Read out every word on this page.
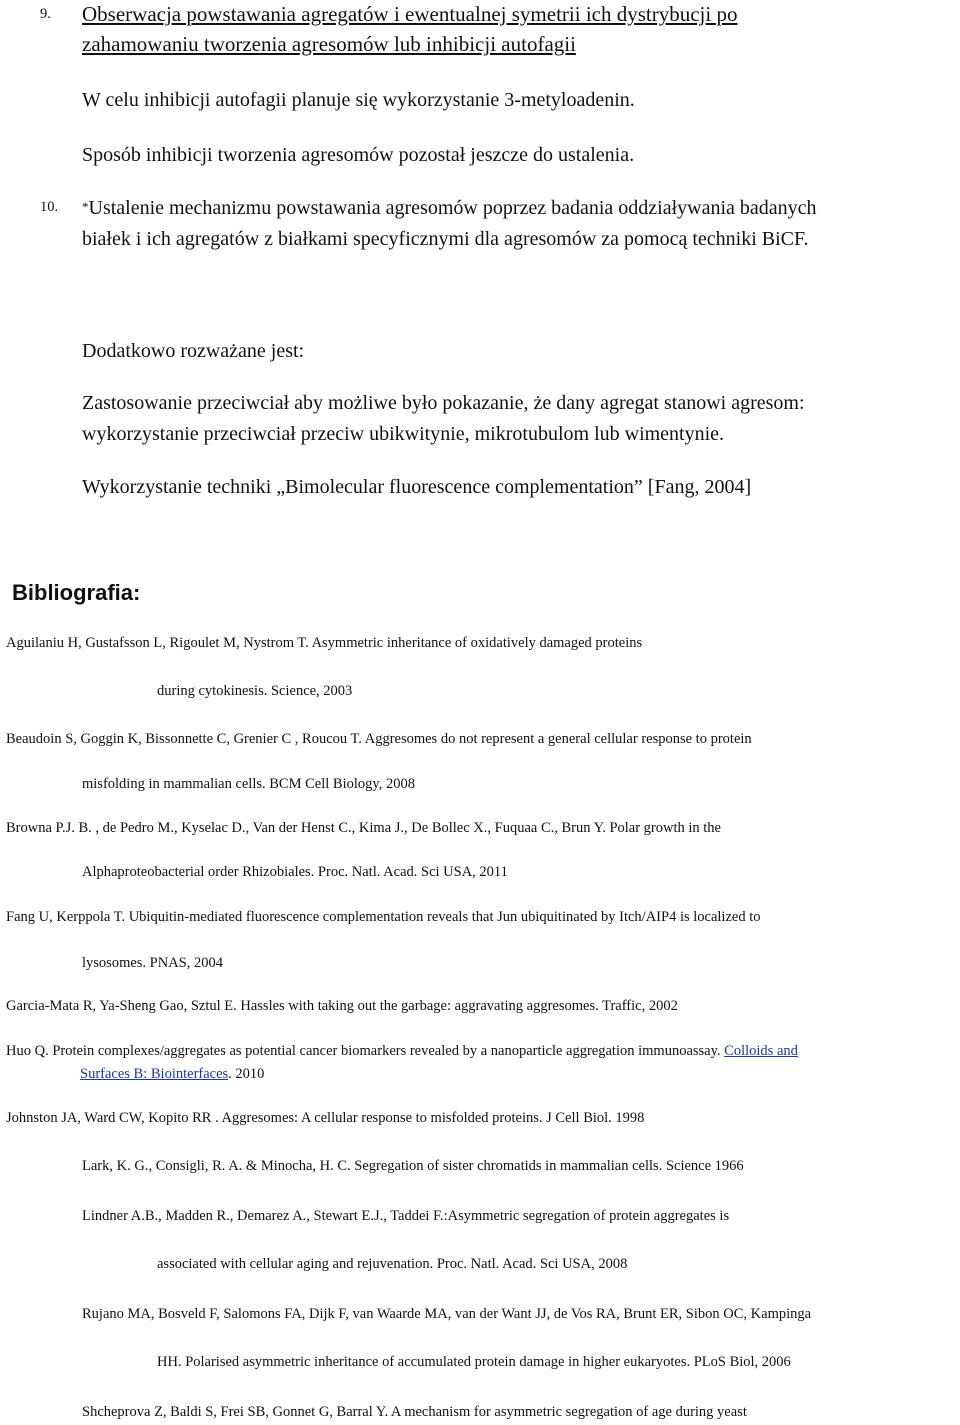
9. Obserwacja powstawania agregatów i ewentualnej symetrii ich dystrybucji po
zahamowaniu tworzenia agresomów lub inhibicji autofagii
W celu inhibicji autofagii planuje się wykorzystanie 3-metyloadenin.
Sposób inhibicji tworzenia agresomów pozostał jeszcze do ustalenia.
10. *Ustalenie mechanizmu powstawania agresomów poprzez badania oddziaływania badanych
białek i ich agregatów z białkami specyficznymi dla agresomów za pomocą techniki BiCF.
Dodatkowo rozważane jest:
Zastosowanie przeciwciał aby możliwe było pokazanie, że dany agregat stanowi agresom:
wykorzystanie przeciwciał przeciw ubikwitynie, mikrotubulom lub wimentynie.
Wykorzystanie techniki „Bimolecular fluorescence complementation” [Fang, 2004]
Bibliografia:
Aguilaniu H, Gustafsson L, Rigoulet M, Nystrom T. Asymmetric inheritance of oxidatively damaged proteins
during cytokinesis. Science, 2003
Beaudoin S, Goggin K, Bissonnette C, Grenier C , Roucou T. Aggresomes do not represent a general cellular response to protein
misfolding in mammalian cells. BCM Cell Biology, 2008
Browna P.J. B. , de Pedro M., Kyselac D., Van der Henst C., Kima J., De Bollec X., Fuquaa C., Brun Y. Polar growth in the
Alphaproteobacterial order Rhizobiales. Proc. Natl. Acad. Sci USA, 2011
Fang U, Kerppola T. Ubiquitin-mediated fluorescence complementation reveals that Jun ubiquitinated by Itch/AIP4 is localized to
lysosomes. PNAS, 2004
Garcia-Mata R, Ya-Sheng Gao, Sztul E. Hassles with taking out the garbage: aggravating aggresomes. Traffic, 2002
Huo Q. Protein complexes/aggregates as potential cancer biomarkers revealed by a nanoparticle aggregation immunoassay. Colloids and
Surfaces B: Biointerfaces. 2010
Johnston JA, Ward CW, Kopito RR . Aggresomes: A cellular response to misfolded proteins. J Cell Biol. 1998
Lark, K. G., Consigli, R. A. & Minocha, H. C. Segregation of sister chromatids in mammalian cells. Science 1966
Lindner A.B., Madden R., Demarez A., Stewart E.J., Taddei F.:Asymmetric segregation of protein aggregates is
associated with cellular aging and rejuvenation. Proc. Natl. Acad. Sci USA, 2008
Rujano MA, Bosveld F, Salomons FA, Dijk F, van Waarde MA, van der Want JJ, de Vos RA, Brunt ER, Sibon OC, Kampinga
HH. Polarised asymmetric inheritance of accumulated protein damage in higher eukaryotes. PLoS Biol, 2006
Shcheprova Z, Baldi S, Frei SB, Gonnet G, Barral Y. A mechanism for asymmetric segregation of age during yeast
